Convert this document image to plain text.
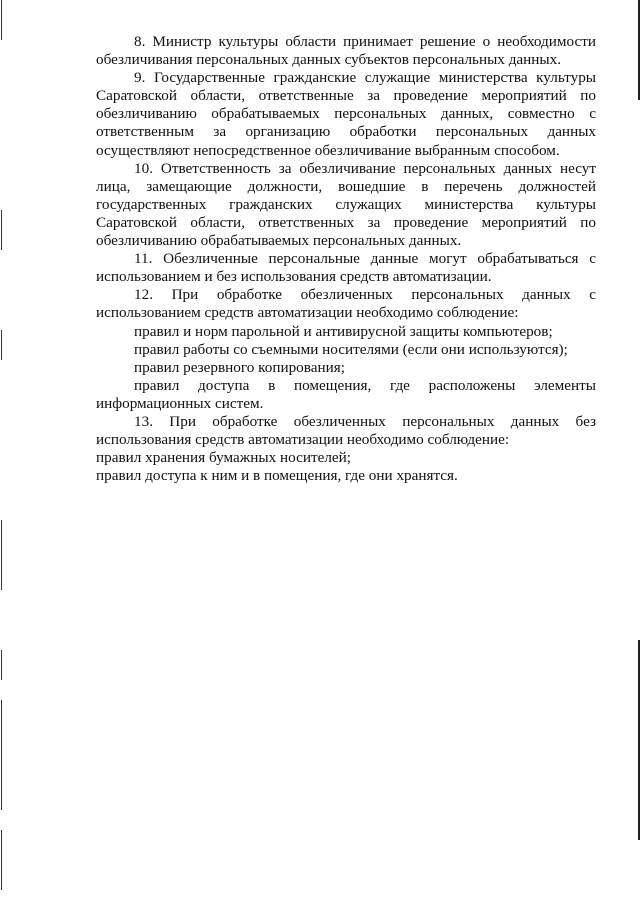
8. Министр культуры области принимает решение о необходимости обезличивания персональных данных субъектов персональных данных.

9. Государственные гражданские служащие министерства культуры Саратовской области, ответственные за проведение мероприятий по обезличиванию обрабатываемых персональных данных, совместно с ответственным за организацию обработки персональных данных осуществляют непосредственное обезличивание выбранным способом.

10. Ответственность за обезличивание персональных данных несут лица, замещающие должности, вошедшие в перечень должностей государственных гражданских служащих министерства культуры Саратовской области, ответственных за проведение мероприятий по обезличиванию обрабатываемых персональных данных.

11. Обезличенные персональные данные могут обрабатываться с использованием и без использования средств автоматизации.

12. При обработке обезличенных персональных данных с использованием средств автоматизации необходимо соблюдение:

правил и норм парольной и антивирусной защиты компьютеров;

правил работы со съемными носителями (если они используются);

правил резервного копирования;

правил доступа в помещения, где расположены элементы информационных систем.

13. При обработке обезличенных персональных данных без использования средств автоматизации необходимо соблюдение:

правил хранения бумажных носителей;

правил доступа к ним и в помещения, где они хранятся.
